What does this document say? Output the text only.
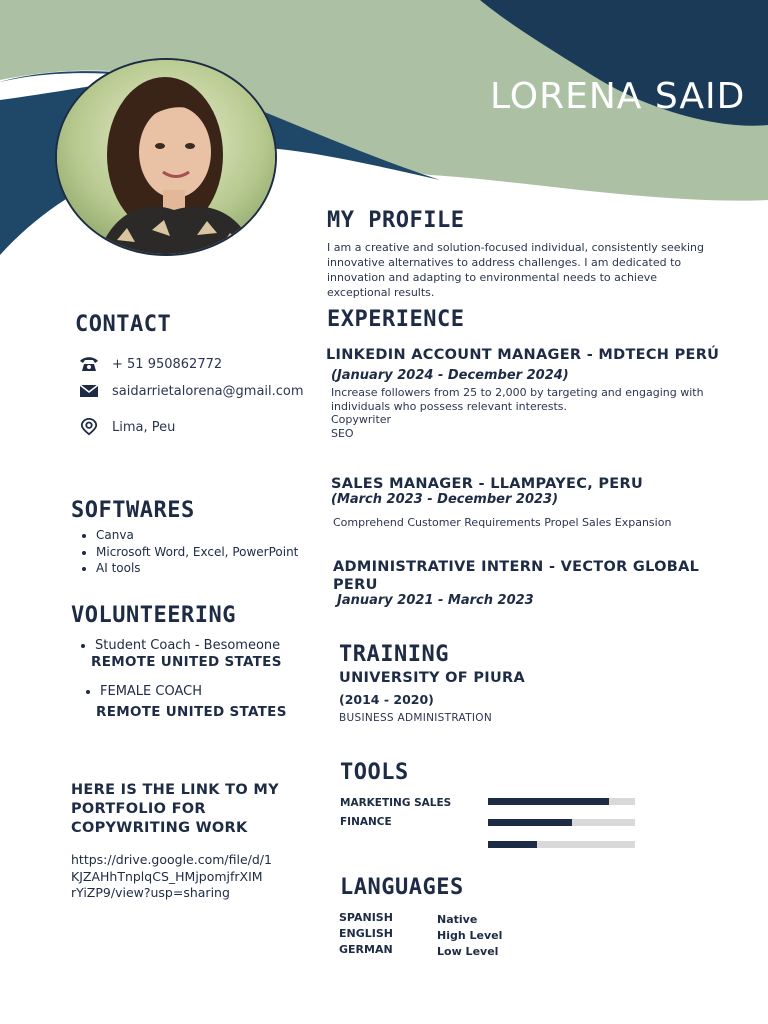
LORENA SAID
MY PROFILE
I am a creative and solution-focused individual, consistently seeking
innovative alternatives to address challenges. I am dedicated to
innovation and adapting to environmental needs to achieve
exceptional results.
CONTACT
+ 51 950862772
saidarrietalorena@gmail.com
Lima, Peu
SOFTWARES
• Canva
• Microsoft Word, Excel, PowerPoint
• AI tools
VOLUNTEERING
• Student Coach - Besomeone
REMOTE UNITED STATES
• FEMALE COACH
REMOTE UNITED STATES
HERE IS THE LINK TO MY
PORTFOLIO FOR
COPYWRITING WORK
https://drive.google.com/file/d/1
KJZAHhTnplqCS_HMjpomjfrXIM
rYiZP9/view?usp=sharing
EXPERIENCE
LINKEDIN ACCOUNT MANAGER - MDTECH PERÚ
(January 2024 - December 2024)
Increase followers from 25 to 2,000 by targeting and engaging with
individuals who possess relevant interests.
Copywriter
SEO
SALES MANAGER - LLAMPAYEC, PERU
(March 2023 - December 2023)
Comprehend Customer Requirements Propel Sales Expansion
ADMINISTRATIVE INTERN - VECTOR GLOBAL
PERU
January 2021 - March 2023
TRAINING
UNIVERSITY OF PIURA
(2014 - 2020)
BUSINESS ADMINISTRATION
TOOLS
MARKETING SALES
FINANCE
LANGUAGES
SPANISH
ENGLISH
GERMAN
Native
High Level
Low Level
